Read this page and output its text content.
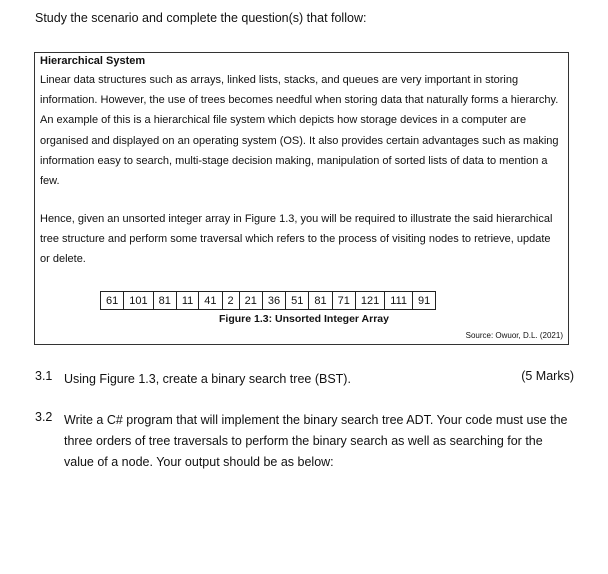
Study the scenario and complete the question(s) that follow:
Hierarchical System
Linear data structures such as arrays, linked lists, stacks, and queues are very important in storing information. However, the use of trees becomes needful when storing data that naturally forms a hierarchy. An example of this is a hierarchical file system which depicts how storage devices in a computer are organised and displayed on an operating system (OS). It also provides certain advantages such as making information easy to search, multi-stage decision making, manipulation of sorted lists of data to mention a few.
Hence, given an unsorted integer array in Figure 1.3, you will be required to illustrate the said hierarchical tree structure and perform some traversal which refers to the process of visiting nodes to retrieve, update or delete.
61	101	81	11	41	2	21	36	51	81	71	121	111	91
Figure 1.3: Unsorted Integer Array
Source: Owuor, D.L. (2021)
3.1 Using Figure 1.3, create a binary search tree (BST).	(5 Marks)
3.2 Write a C# program that will implement the binary search tree ADT. Your code must use the three orders of tree traversals to perform the binary search as well as searching for the value of a node. Your output should be as below:
